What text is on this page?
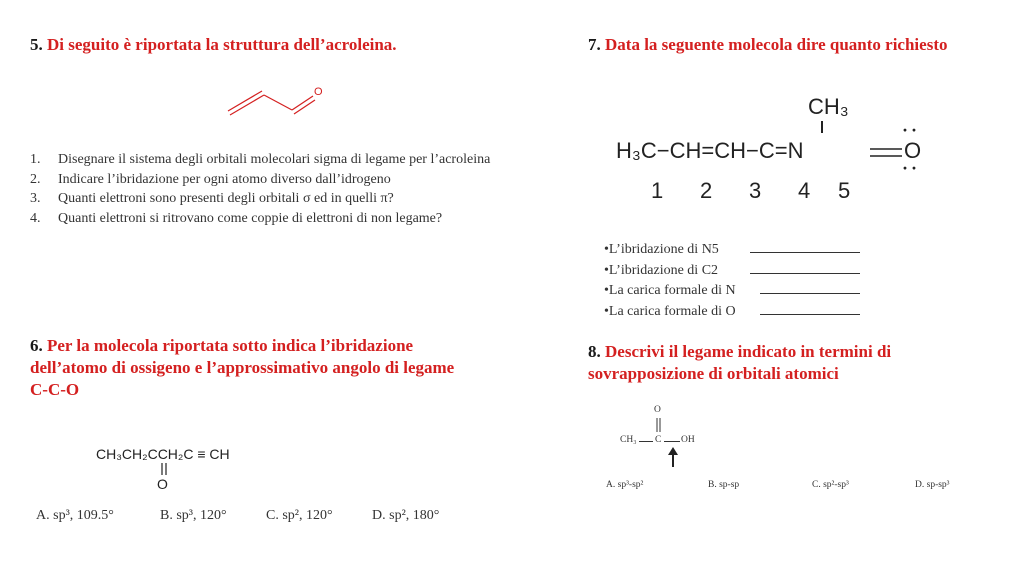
5. Di seguito è riportata la struttura dell’acroleina.
O
1. Disegnare il sistema degli orbitali molecolari sigma di legame per l’acroleina
2. Indicare l’ibridazione per ogni atomo diverso dall’idrogeno
3. Quanti elettroni sono presenti degli orbitali σ ed in quelli π?
4. Quanti elettroni si ritrovano come coppie di elettroni di non legame?
6. Per la molecola riportata sotto indica l’ibridazione
dell’atomo di ossigeno e l’approssimativo angolo di legame
C-C-O
CH₃CH₂CCH₂C ≡ CH
O
A. sp³, 109.5°	B. sp³, 120°	C. sp², 120°	D. sp², 180°
7. Data la seguente molecola dire quanto richiesto
CH₃
H₃C−CH=CH−C=N	O
··
··
1 2 3 4 5
•L’ibridazione di N5
•L’ibridazione di C2
•La carica formale di N
•La carica formale di O
8. Descrivi il legame indicato in termini di
sovrapposizione di orbitali atomici
O
CH₃ C OH
A. sp³-sp²	B. sp-sp	C. sp²-sp³	D. sp-sp³
